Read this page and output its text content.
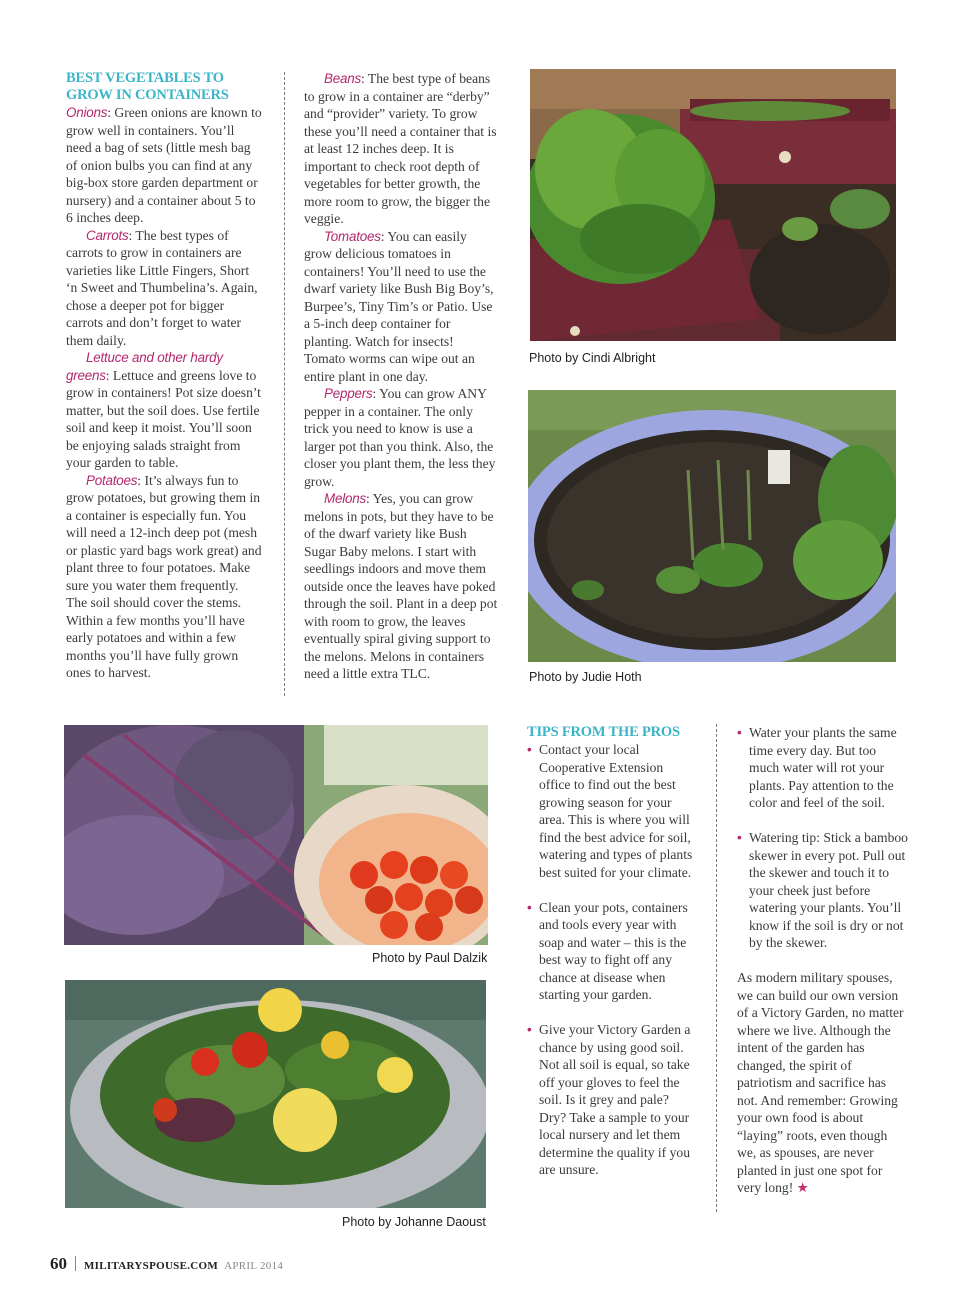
BEST VEGETABLES TO
GROW IN CONTAINERS

Onions: Green onions are known to grow well in containers. You’ll need a bag of sets (little mesh bag of onion bulbs you can find at any big-box store garden department or nursery) and a container about 5 to 6 inches deep.

Carrots: The best types of carrots to grow in containers are varieties like Little Fingers, Short ‘n Sweet and Thumbelina’s. Again, chose a deeper pot for bigger carrots and don’t forget to water them daily.

Lettuce and other hardy greens: Lettuce and greens love to grow in containers! Pot size doesn’t matter, but the soil does. Use fertile soil and keep it moist. You’ll soon be enjoying salads straight from your garden to table.

Potatoes: It’s always fun to grow potatoes, but growing them in a container is especially fun. You will need a 12-inch deep pot (mesh or plastic yard bags work great) and plant three to four potatoes. Make sure you water them frequently. The soil should cover the stems. Within a few months you’ll have early potatoes and within a few months you’ll have fully grown ones to harvest.

Beans: The best type of beans to grow in a container are “derby” and “provider” variety. To grow these you’ll need a container that is at least 12 inches deep. It is important to check root depth of vegetables for better growth, the more room to grow, the bigger the veggie.

Tomatoes: You can easily grow delicious tomatoes in containers! You’ll need to use the dwarf variety like Bush Big Boy’s, Burpee’s, Tiny Tim’s or Patio. Use a 5-inch deep container for planting. Watch for insects! Tomato worms can wipe out an entire plant in one day.

Peppers: You can grow ANY pepper in a container. The only trick you need to know is use a larger pot than you think. Also, the closer you plant them, the less they grow.

Melons: Yes, you can grow melons in pots, but they have to be of the dwarf variety like Bush Sugar Baby melons. I start with seedlings indoors and move them outside once the leaves have poked through the soil. Plant in a deep pot with room to grow, the leaves eventually spiral giving support to the melons. Melons in containers need a little extra TLC.

Photo by Cindi Albright
Photo by Judie Hoth
Photo by Paul Dalzik
Photo by Johanne Daoust

TIPS FROM THE PROS

• Contact your local Cooperative Extension office to find out the best growing season for your area. This is where you will find the best advice for soil, watering and types of plants best suited for your climate.
• Clean your pots, containers and tools every year with soap and water – this is the best way to fight off any chance at disease when starting your garden.
• Give your Victory Garden a chance by using good soil. Not all soil is equal, so take off your gloves to feel the soil. Is it grey and pale? Dry? Take a sample to your local nursery and let them determine the quality if you are unsure.
• Water your plants the same time every day. But too much water will rot your plants. Pay attention to the color and feel of the soil.
• Watering tip: Stick a bamboo skewer in every pot. Pull out the skewer and touch it to your cheek just before watering your plants. You’ll know if the soil is dry or not by the skewer.

As modern military spouses, we can build our own version of a Victory Garden, no matter where we live. Although the intent of the garden has changed, the spirit of patriotism and sacrifice has not. And remember: Growing your own food is about “laying” roots, even though we, as spouses, are never planted in just one spot for very long! ★

60 MILITARYSPOUSE.COM APRIL 2014
